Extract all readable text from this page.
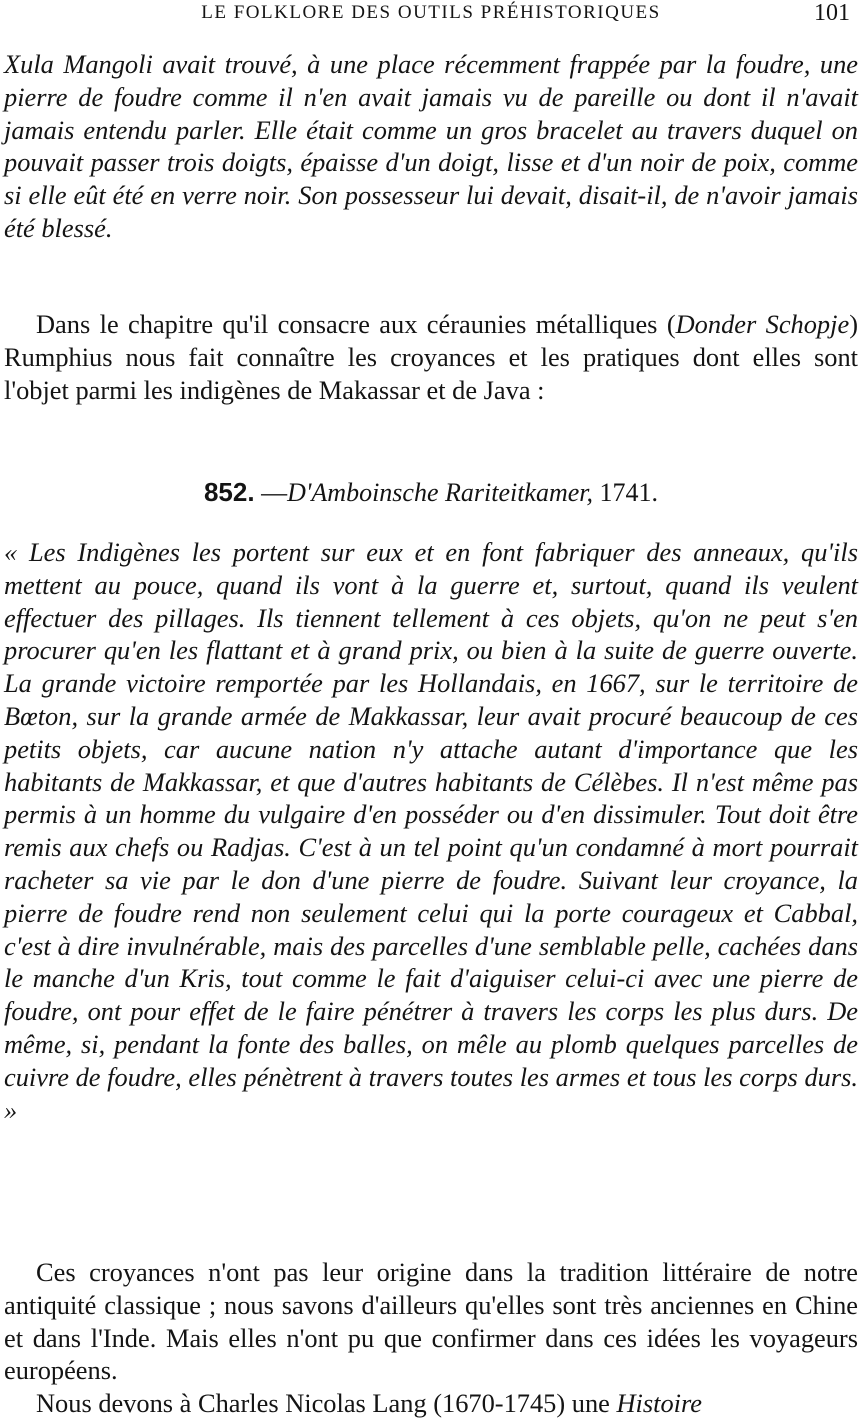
LE FOLKLORE DES OUTILS PRÉHISTORIQUES	101

Xula Mangoli avait trouvé, à une place récemment frappée par la foudre, une pierre de foudre comme il n'en avait jamais vu de pareille ou dont il n'avait jamais entendu parler. Elle était comme un gros bracelet au travers duquel on pouvait passer trois doigts, épaisse d'un doigt, lisse et d'un noir de poix, comme si elle eût été en verre noir. Son possesseur lui devait, disait-il, de n'avoir jamais été blessé.

Dans le chapitre qu'il consacre aux céraunies métalliques (Donder Schopje) Rumphius nous fait connaître les croyances et les pratiques dont elles sont l'objet parmi les indigènes de Makassar et de Java :

852. —D'Amboinsche Rariteitkamer, 1741.

« Les Indigènes les portent sur eux et en font fabriquer des anneaux, qu'ils mettent au pouce, quand ils vont à la guerre et, surtout, quand ils veulent effectuer des pillages. Ils tiennent tellement à ces objets, qu'on ne peut s'en procurer qu'en les flattant et à grand prix, ou bien à la suite de guerre ouverte. La grande victoire remportée par les Hollandais, en 1667, sur le territoire de Bœton, sur la grande armée de Makkassar, leur avait procuré beaucoup de ces petits objets, car aucune nation n'y attache autant d'importance que les habitants de Makkassar, et que d'autres habitants de Célèbes. Il n'est même pas permis à un homme du vulgaire d'en posséder ou d'en dissimuler. Tout doit être remis aux chefs ou Radjas. C'est à un tel point qu'un condamné à mort pourrait racheter sa vie par le don d'une pierre de foudre. Suivant leur croyance, la pierre de foudre rend non seulement celui qui la porte courageux et Cabbal, c'est à dire invulnérable, mais des parcelles d'une semblable pelle, cachées dans le manche d'un Kris, tout comme le fait d'aiguiser celui-ci avec une pierre de foudre, ont pour effet de le faire pénétrer à travers les corps les plus durs. De même, si, pendant la fonte des balles, on mêle au plomb quelques parcelles de cuivre de foudre, elles pénètrent à travers toutes les armes et tous les corps durs. »

Ces croyances n'ont pas leur origine dans la tradition littéraire de notre antiquité classique ; nous savons d'ailleurs qu'elles sont très anciennes en Chine et dans l'Inde. Mais elles n'ont pu que confirmer dans ces idées les voyageurs européens.

Nous devons à Charles Nicolas Lang (1670-1745) une Histoire
